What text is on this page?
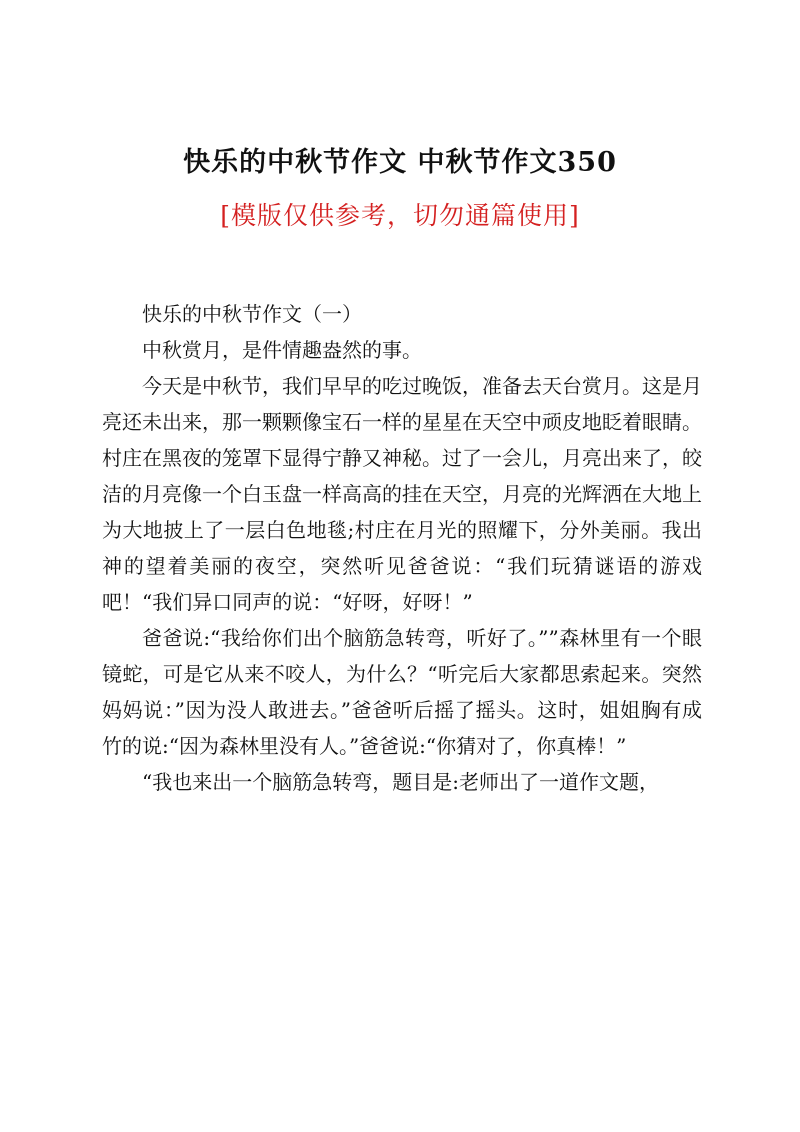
快乐的中秋节作文 中秋节作文350
[模版仅供参考，切勿通篇使用]

快乐的中秋节作文（一）

中秋赏月，是件情趣盎然的事。

今天是中秋节，我们早早的吃过晚饭，准备去天台赏月。这是月亮还未出来，那一颗颗像宝石一样的星星在天空中顽皮地眨着眼睛。村庄在黑夜的笼罩下显得宁静又神秘。过了一会儿，月亮出来了，皎洁的月亮像一个白玉盘一样高高的挂在天空，月亮的光辉洒在大地上为大地披上了一层白色地毯;村庄在月光的照耀下，分外美丽。我出神的望着美丽的夜空，突然听见爸爸说：“我们玩猜谜语的游戏吧！“我们异口同声的说：“好呀，好呀！”

爸爸说:“我给你们出个脑筋急转弯，听好了。””森林里有一个眼镜蛇，可是它从来不咬人，为什么？“听完后大家都思索起来。突然妈妈说：”因为没人敢进去。”爸爸听后摇了摇头。这时，姐姐胸有成竹的说:“因为森林里没有人。”爸爸说:“你猜对了，你真棒！”

“我也来出一个脑筋急转弯，题目是:老师出了一道作文题，
